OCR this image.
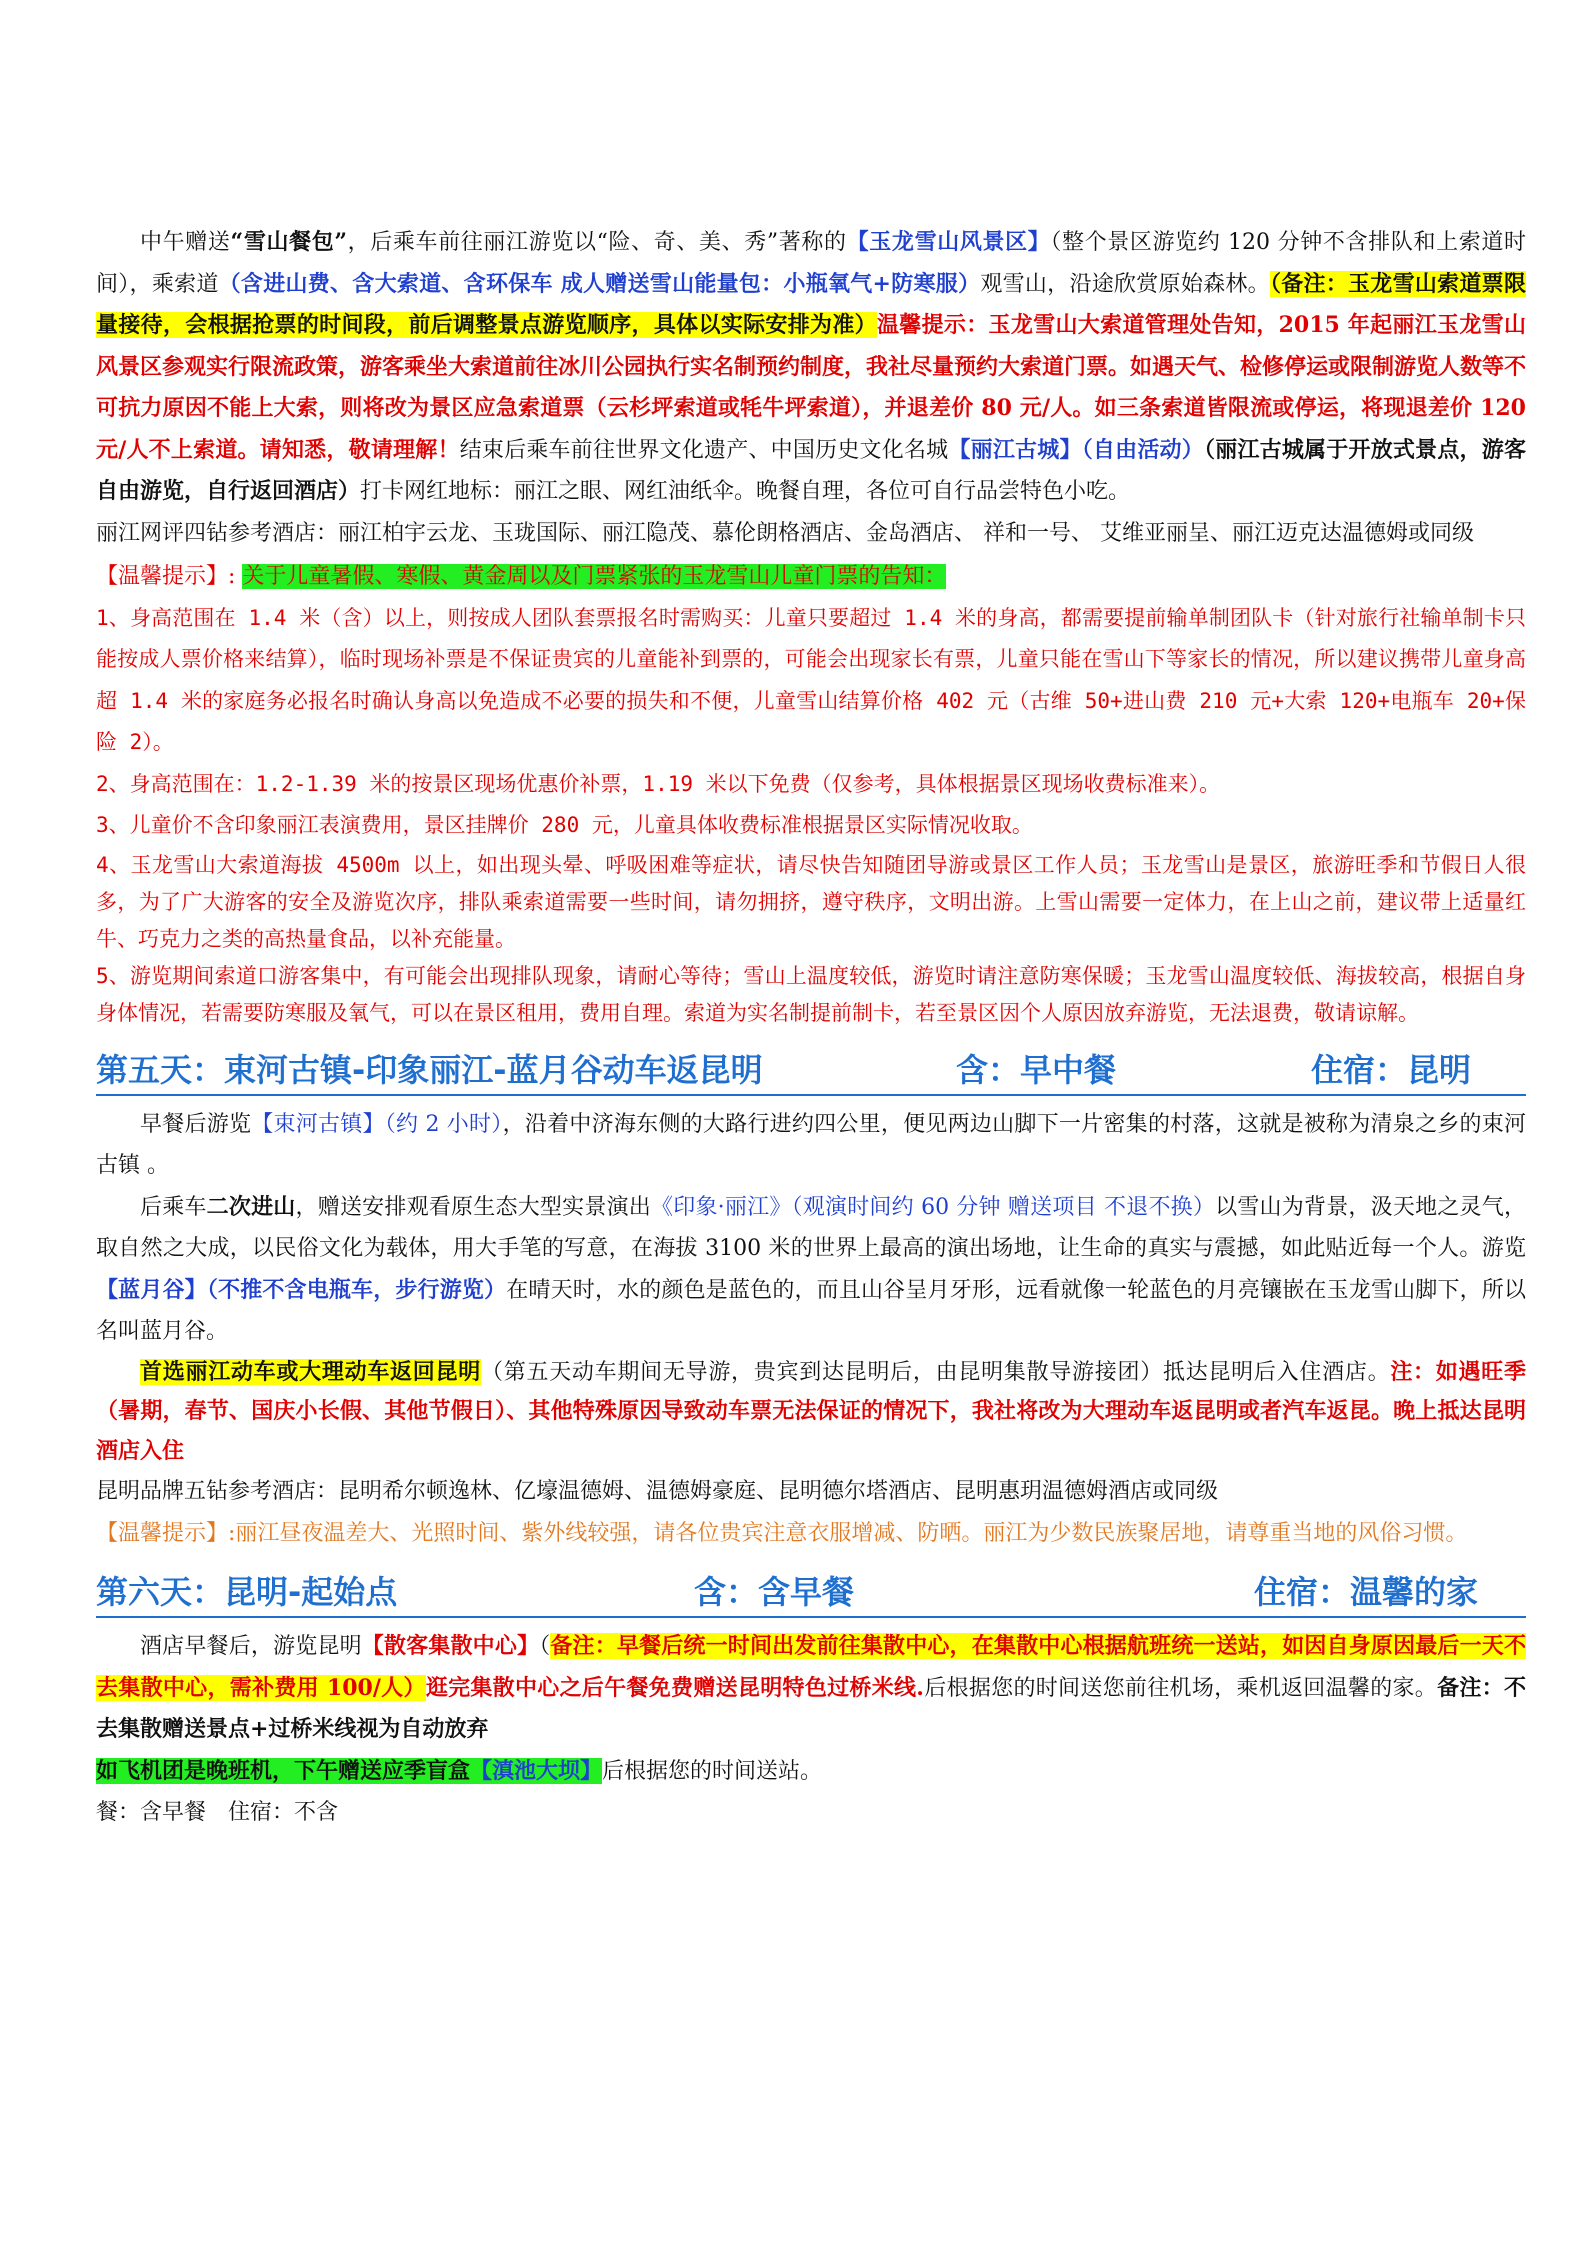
中午赠送“雪山餐包”，后乘车前往丽江游览以“险、奇、美、秀”著称的【玉龙雪山风景区】（整个景区游览约 120 分钟不含排队和上索道时间），乘索道（含进山费、含大索道、含环保车 成人赠送雪山能量包：小瓶氧气+防寒服）观雪山，沿途欣赏原始森林。（备注：玉龙雪山索道票限量接待，会根据抢票的时间段，前后调整景点游览顺序，具体以实际安排为准）温馨提示：玉龙雪山大索道管理处告知，2015 年起丽江玉龙雪山风景区参观实行限流政策，游客乘坐大索道前往冰川公园执行实名制预约制度，我社尽量预约大索道门票。如遇天气、检修停运或限制游览人数等不可抗力原因不能上大索，则将改为景区应急索道票（云杉坪索道或牦牛坪索道），并退差价 80 元/人。如三条索道皆限流或停运，将现退差价 120 元/人不上索道。请知悉，敬请理解！结束后乘车前往世界文化遗产、中国历史文化名城【丽江古城】（自由活动）（丽江古城属于开放式景点，游客自由游览，自行返回酒店）打卡网红地标：丽江之眼、网红油纸伞。晚餐自理，各位可自行品尝特色小吃。

丽江网评四钻参考酒店：丽江柏宇云龙、玉珑国际、丽江隐茂、慕伦朗格酒店、金岛酒店、 祥和一号、 艾维亚丽呈、丽江迈克达温德姆或同级

【温馨提示】: 关于儿童暑假、寒假、黄金周以及门票紧张的玉龙雪山儿童门票的告知：

1、身高范围在 1.4 米（含）以上，则按成人团队套票报名时需购买：儿童只要超过 1.4 米的身高，都需要提前输单制团队卡（针对旅行社输单制卡只能按成人票价格来结算），临时现场补票是不保证贵宾的儿童能补到票的，可能会出现家长有票，儿童只能在雪山下等家长的情况，所以建议携带儿童身高超 1.4 米的家庭务必报名时确认身高以免造成不必要的损失和不便，儿童雪山结算价格 402 元（古维 50+进山费 210 元+大索 120+电瓶车 20+保险 2）。

2、身高范围在：1.2-1.39 米的按景区现场优惠价补票，1.19 米以下免费（仅参考，具体根据景区现场收费标准来）。

3、儿童价不含印象丽江表演费用，景区挂牌价 280 元，儿童具体收费标准根据景区实际情况收取。

4、玉龙雪山大索道海拔 4500m 以上，如出现头晕、呼吸困难等症状，请尽快告知随团导游或景区工作人员；玉龙雪山是景区，旅游旺季和节假日人很多，为了广大游客的安全及游览次序，排队乘索道需要一些时间，请勿拥挤，遵守秩序，文明出游。上雪山需要一定体力，在上山之前，建议带上适量红牛、巧克力之类的高热量食品，以补充能量。

5、游览期间索道口游客集中，有可能会出现排队现象，请耐心等待；雪山上温度较低，游览时请注意防寒保暖；玉龙雪山温度较低、海拔较高，根据自身身体情况，若需要防寒服及氧气，可以在景区租用，费用自理。索道为实名制提前制卡，若至景区因个人原因放弃游览，无法退费，敬请谅解。

第五天：束河古镇-印象丽江-蓝月谷动车返昆明	含：早中餐	住宿：昆明

早餐后游览【束河古镇】（约 2 小时），沿着中济海东侧的大路行进约四公里，便见两边山脚下一片密集的村落，这就是被称为清泉之乡的束河古镇 。

后乘车二次进山，赠送安排观看原生态大型实景演出《印象·丽江》（观演时间约 60 分钟 赠送项目 不退不换）以雪山为背景，汲天地之灵气，取自然之大成，以民俗文化为载体，用大手笔的写意，在海拔 3100 米的世界上最高的演出场地，让生命的真实与震撼，如此贴近每一个人。游览【蓝月谷】（不推不含电瓶车，步行游览）在晴天时，水的颜色是蓝色的，而且山谷呈月牙形，远看就像一轮蓝色的月亮镶嵌在玉龙雪山脚下，所以名叫蓝月谷。

首选丽江动车或大理动车返回昆明（第五天动车期间无导游，贵宾到达昆明后，由昆明集散导游接团）抵达昆明后入住酒店。注：如遇旺季（暑期，春节、国庆小长假、其他节假日）、其他特殊原因导致动车票无法保证的情况下，我社将改为大理动车返昆明或者汽车返昆。晚上抵达昆明酒店入住

昆明品牌五钻参考酒店：昆明希尔顿逸林、亿壕温德姆、温德姆豪庭、昆明德尔塔酒店、昆明惠玥温德姆酒店或同级

【温馨提示】:丽江昼夜温差大、光照时间、紫外线较强，请各位贵宾注意衣服增减、防晒。丽江为少数民族聚居地，请尊重当地的风俗习惯。

第六天：昆明-起始点	含：含早餐	住宿：温馨的家

酒店早餐后，游览昆明【散客集散中心】（备注：早餐后统一时间出发前往集散中心，在集散中心根据航班统一送站，如因自身原因最后一天不去集散中心，需补费用 100/人）逛完集散中心之后午餐免费赠送昆明特色过桥米线.后根据您的时间送您前往机场，乘机返回温馨的家。备注：不去集散赠送景点+过桥米线视为自动放弃

如飞机团是晚班机，下午赠送应季盲盒【滇池大坝】后根据您的时间送站。

餐：含早餐　住宿：不含
